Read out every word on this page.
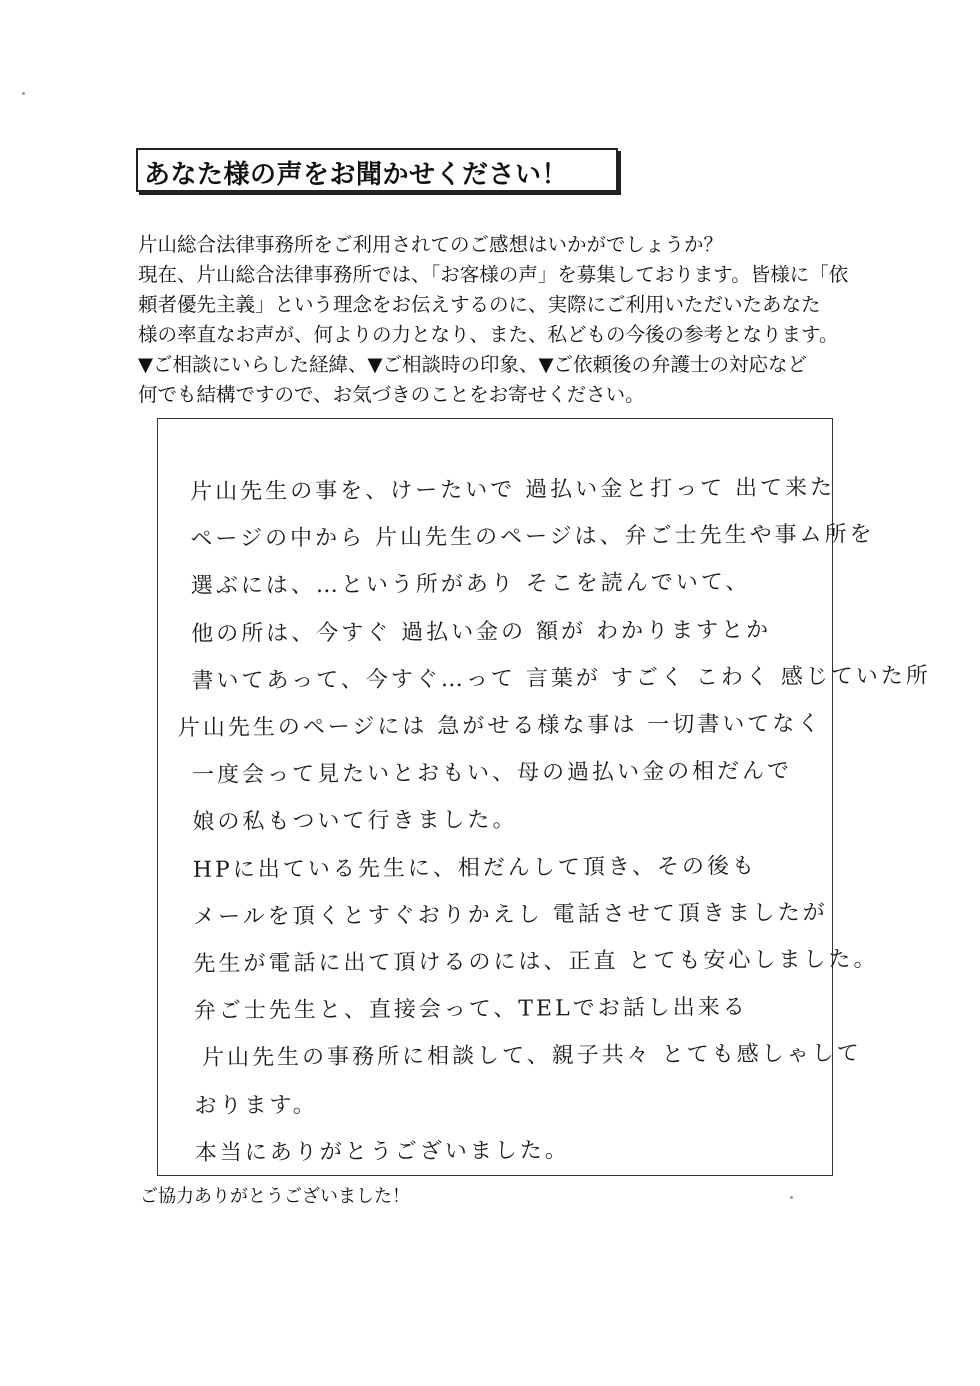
あなた様の声をお聞かせください！
片山総合法律事務所をご利用されてのご感想はいかがでしょうか？
現在、片山総合法律事務所では、「お客様の声」を募集しております。皆様に「依
頼者優先主義」という理念をお伝えするのに、実際にご利用いただいたあなた
様の率直なお声が、何よりの力となり、また、私どもの今後の参考となります。
▼ご相談にいらした経緯、▼ご相談時の印象、▼ご依頼後の弁護士の対応など
何でも結構ですので、お気づきのことをお寄せください。
片山先生の事を、けーたいで 過払い金と打って 出て来た
ページの中から 片山先生のページは、弁ご士先生や事ム所を
選ぶには、…という所があり そこを読んでいて、
他の所は、今すぐ 過払い金の 額が わかりますとか
書いてあって、今すぐ…って 言葉が すごく こわく 感じていた所
片山先生のページには 急がせる様な事は 一切書いてなく
一度会って見たいとおもい、母の過払い金の相だんで
娘の私もついて行きました。
HPに出ている先生に、相だんして頂き、その後も
メールを頂くとすぐおりかえし 電話させて頂きましたが
先生が電話に出て頂けるのには、正直 とても安心しました。
弁ご士先生と、直接会って、TELでお話し出来る
片山先生の事務所に相談して、親子共々 とても感しゃして
おります。
本当にありがとうございました。
ご協力ありがとうございました！
